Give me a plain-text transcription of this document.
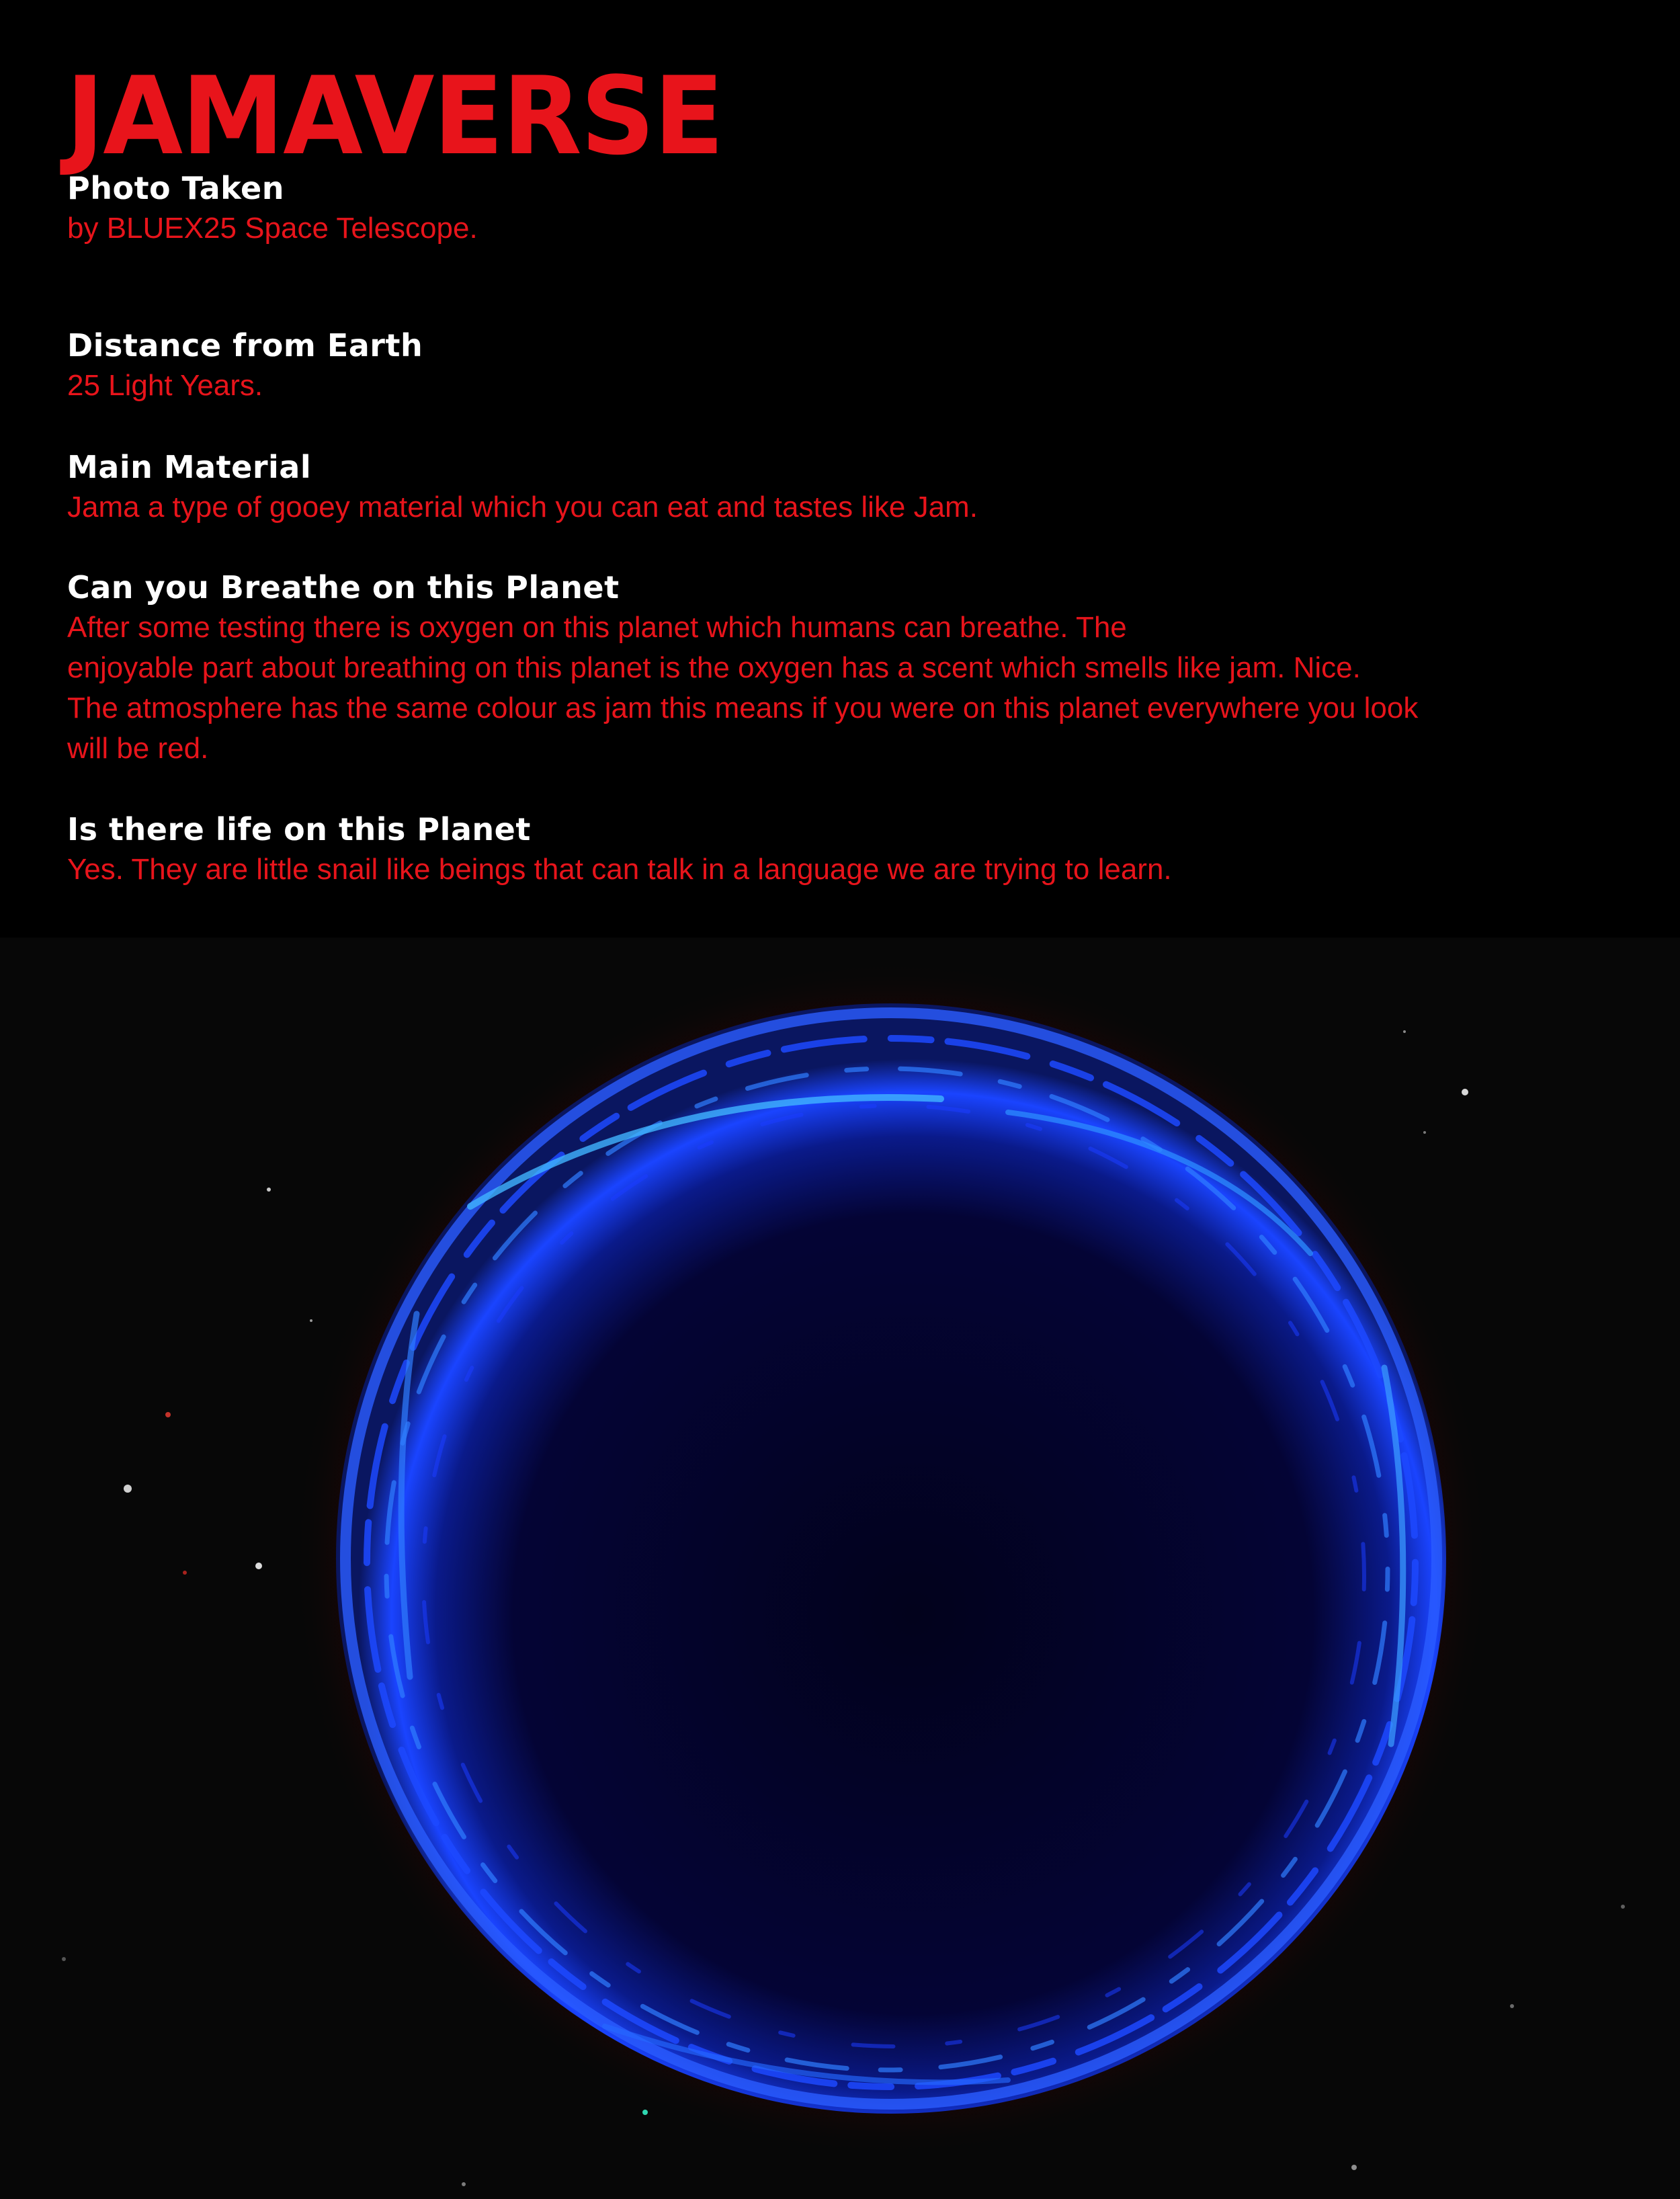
JAMAVERSE

Photo Taken

by BLUEX25 Space Telescope.

Distance from Earth

25 Light Years.

Main Material

Jama a type of gooey material which you can eat and tastes like Jam.

Can you Breathe on this Planet

After some testing there is oxygen on this planet which humans can breathe. The

enjoyable part about breathing on this planet is the oxygen has a scent which smells like jam. Nice.

The atmosphere has the same colour as jam this means if you were on this planet everywhere you look

will be red.

Is there life on this Planet

Yes. They are little snail like beings that can talk in a language we are trying to learn.
